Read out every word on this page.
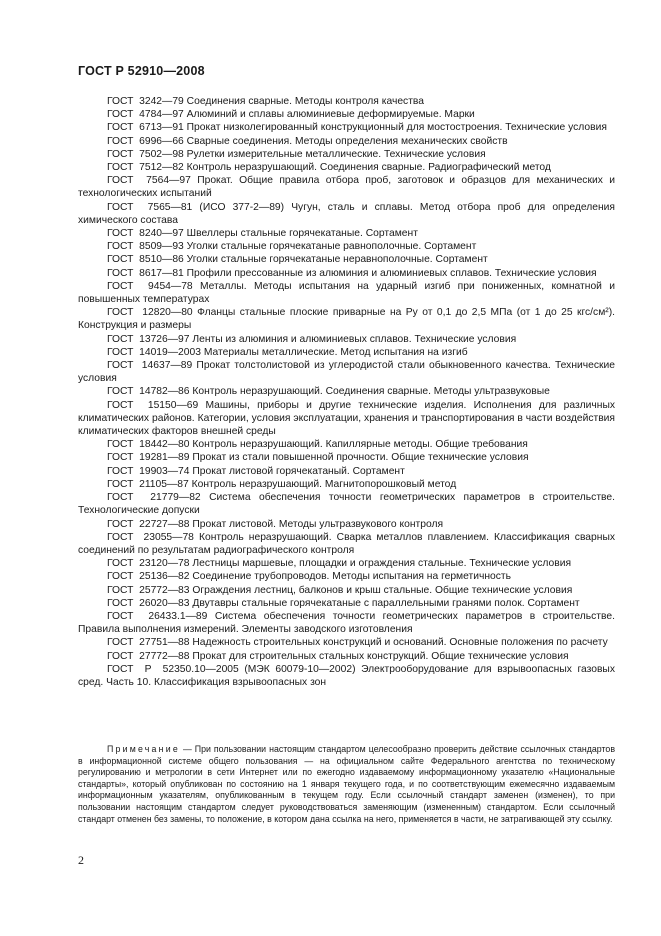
ГОСТ Р 52910—2008

ГОСТ  3242—79 Соединения сварные. Методы контроля качества

ГОСТ  4784—97 Алюминий и сплавы алюминиевые деформируемые. Марки

ГОСТ  6713—91 Прокат низколегированный конструкционный для мостостроения. Технические условия

ГОСТ  6996—66 Сварные соединения. Методы определения механических свойств

ГОСТ  7502—98 Рулетки измерительные металлические. Технические условия

ГОСТ  7512—82 Контроль неразрушающий. Соединения сварные. Радиографический метод

ГОСТ  7564—97 Прокат. Общие правила отбора проб, заготовок и образцов для механических и технологических испытаний

ГОСТ  7565—81 (ИСО 377-2—89) Чугун, сталь и сплавы. Метод отбора проб для определения химического состава

ГОСТ  8240—97 Швеллеры стальные горячекатаные. Сортамент

ГОСТ  8509—93 Уголки стальные горячекатаные равнополочные. Сортамент

ГОСТ  8510—86 Уголки стальные горячекатаные неравнополочные. Сортамент

ГОСТ  8617—81 Профили прессованные из алюминия и алюминиевых сплавов. Технические условия

ГОСТ  9454—78 Металлы. Методы испытания на ударный изгиб при пониженных, комнатной и повышенных температурах

ГОСТ  12820—80 Фланцы стальные плоские приварные на Pу от 0,1 до 2,5 МПа (от 1 до 25 кгс/см²). Конструкция и размеры

ГОСТ  13726—97 Ленты из алюминия и алюминиевых сплавов. Технические условия

ГОСТ  14019—2003 Материалы металлические. Метод испытания на изгиб

ГОСТ  14637—89 Прокат толстолистовой из углеродистой стали обыкновенного качества. Технические условия

ГОСТ  14782—86 Контроль неразрушающий. Соединения сварные. Методы ультразвуковые

ГОСТ  15150—69 Машины, приборы и другие технические изделия. Исполнения для различных климатических районов. Категории, условия эксплуатации, хранения и транспортирования в части воздействия климатических факторов внешней среды

ГОСТ  18442—80 Контроль неразрушающий. Капиллярные методы. Общие требования

ГОСТ  19281—89 Прокат из стали повышенной прочности. Общие технические условия

ГОСТ  19903—74 Прокат листовой горячекатаный. Сортамент

ГОСТ  21105—87 Контроль неразрушающий. Магнитопорошковый метод

ГОСТ  21779—82 Система обеспечения точности геометрических параметров в строительстве. Технологические допуски

ГОСТ  22727—88 Прокат листовой. Методы ультразвукового контроля

ГОСТ  23055—78 Контроль неразрушающий. Сварка металлов плавлением. Классификация сварных соединений по результатам радиографического контроля

ГОСТ  23120—78 Лестницы маршевые, площадки и ограждения стальные. Технические условия

ГОСТ  25136—82 Соединение трубопроводов. Методы испытания на герметичность

ГОСТ  25772—83 Ограждения лестниц, балконов и крыш стальные. Общие технические условия

ГОСТ  26020—83 Двутавры стальные горячекатаные с параллельными гранями полок. Сортамент

ГОСТ  26433.1—89 Система обеспечения точности геометрических параметров в строительстве. Правила выполнения измерений. Элементы заводского изготовления

ГОСТ  27751—88 Надежность строительных конструкций и оснований. Основные положения по расчету

ГОСТ  27772—88 Прокат для строительных стальных конструкций. Общие технические условия

ГОСТ  Р  52350.10—2005 (МЭК 60079-10—2002) Электрооборудование для взрывоопасных газовых сред. Часть 10. Классификация взрывоопасных зон

Примечание — При пользовании настоящим стандартом целесообразно проверить действие ссылочных стандартов в информационной системе общего пользования — на официальном сайте Федерального агентства по техническому регулированию и метрологии в сети Интернет или по ежегодно издаваемому информационному указателю «Национальные стандарты», который опубликован по состоянию на 1 января текущего года, и по соответствующим ежемесячно издаваемым информационным указателям, опубликованным в текущем году. Если ссылочный стандарт заменен (изменен), то при пользовании настоящим стандартом следует руководствоваться заменяющим (измененным) стандартом. Если ссылочный стандарт отменен без замены, то положение, в котором дана ссылка на него, применяется в части, не затрагивающей эту ссылку.

2
